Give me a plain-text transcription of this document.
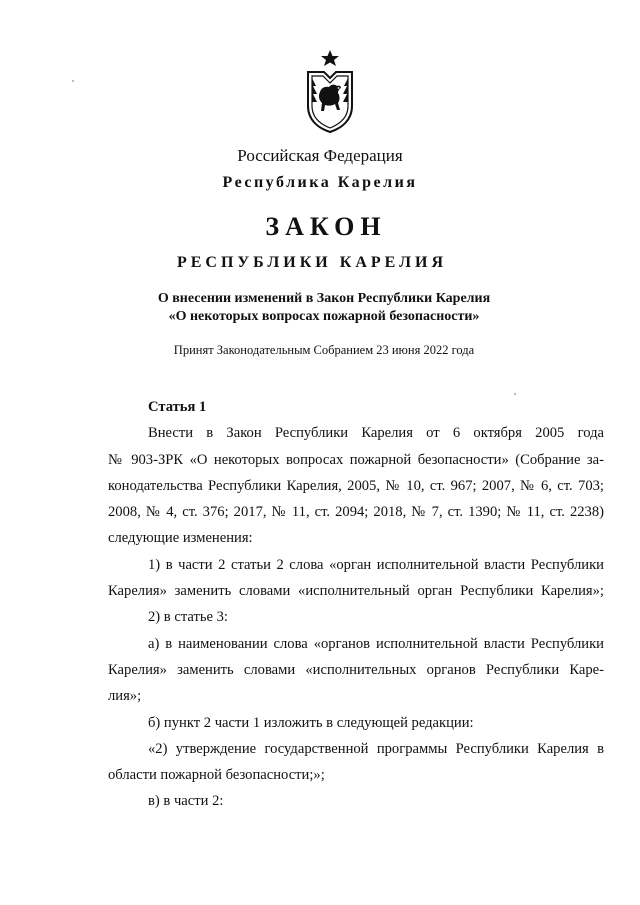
Российская Федерация
Республика Карелия
ЗАКОН
РЕСПУБЛИКИ КАРЕЛИЯ
О внесении изменений в Закон Республики Карелия
«О некоторых вопросах пожарной безопасности»
Принят Законодательным Собранием 23 июня 2022 года

Статья 1

Внести в Закон Республики Карелия от 6 октября 2005 года
№ 903-ЗРК «О некоторых вопросах пожарной безопасности» (Собрание за-
конодательства Республики Карелия, 2005, № 10, ст. 967; 2007, № 6, ст. 703;
2008, № 4, ст. 376; 2017, № 11, ст. 2094; 2018, № 7, ст. 1390; № 11, ст. 2238)
следующие изменения:
1) в части 2 статьи 2 слова «орган исполнительной власти Республики
Карелия» заменить словами «исполнительный орган Республики Карелия»;
2) в статье 3:
а) в наименовании слова «органов исполнительной власти Республики
Карелия» заменить словами «исполнительных органов Республики Каре-
лия»;
б) пункт 2 части 1 изложить в следующей редакции:
«2) утверждение государственной программы Республики Карелия в
области пожарной безопасности;»;
в) в части 2:
